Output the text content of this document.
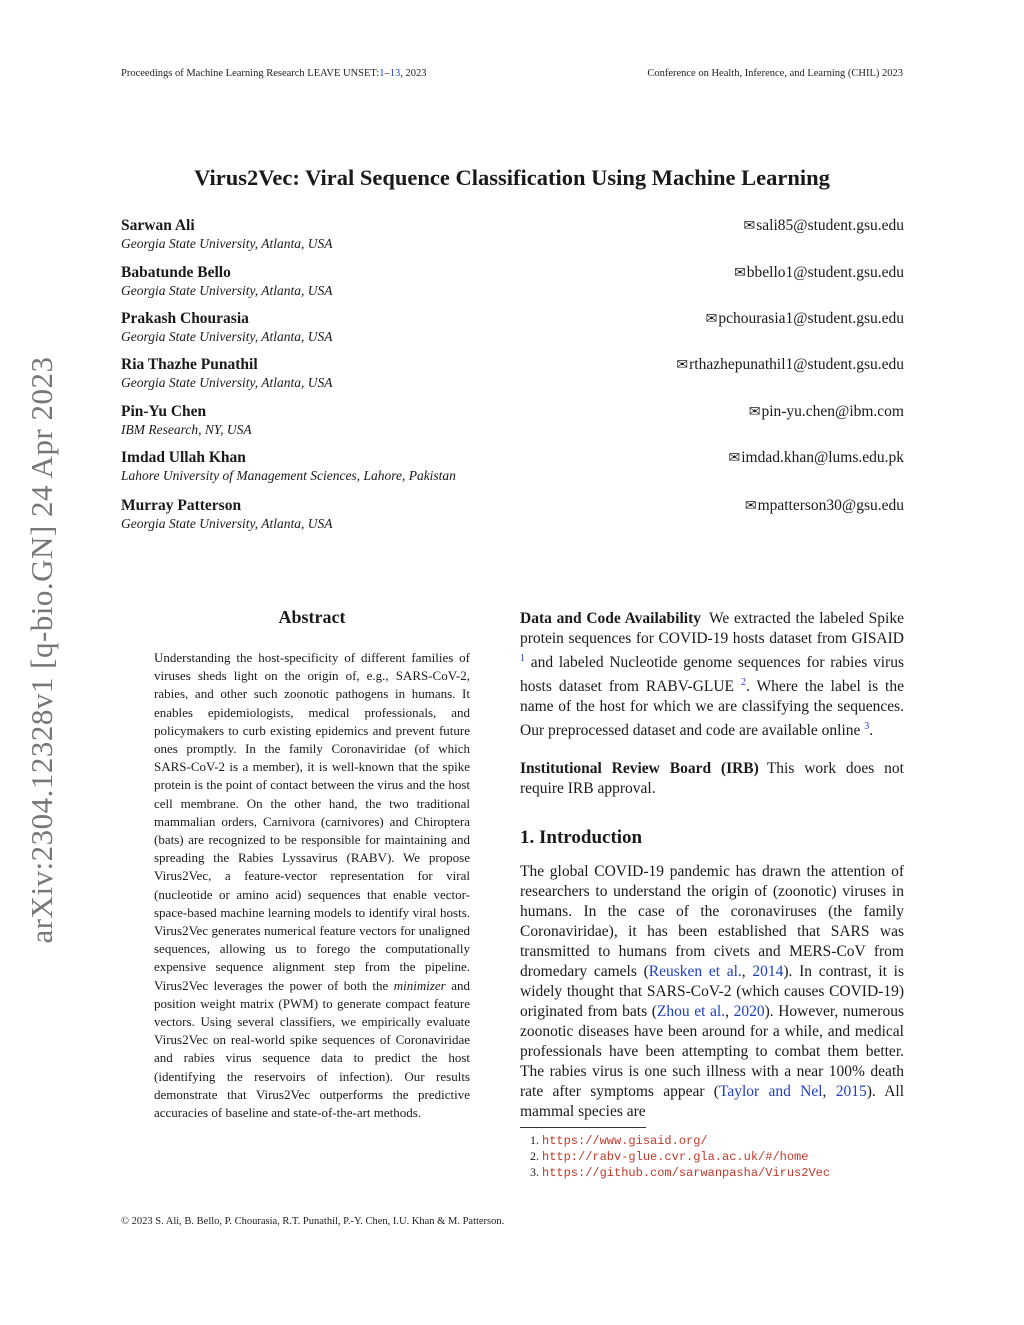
Proceedings of Machine Learning Research LEAVE UNSET:1–13, 2023	Conference on Health, Inference, and Learning (CHIL) 2023
arXiv:2304.12328v1 [q-bio.GN] 24 Apr 2023
Virus2Vec: Viral Sequence Classification Using Machine Learning
Sarwan Ali
Georgia State University, Atlanta, USA
✉sali85@student.gsu.edu
Babatunde Bello
Georgia State University, Atlanta, USA
✉bbello1@student.gsu.edu
Prakash Chourasia
Georgia State University, Atlanta, USA
✉pchourasia1@student.gsu.edu
Ria Thazhe Punathil
Georgia State University, Atlanta, USA
✉rthazhepunathil1@student.gsu.edu
Pin-Yu Chen
IBM Research, NY, USA
✉pin-yu.chen@ibm.com
Imdad Ullah Khan
Lahore University of Management Sciences, Lahore, Pakistan
✉imdad.khan@lums.edu.pk
Murray Patterson
Georgia State University, Atlanta, USA
✉mpatterson30@gsu.edu
Abstract
Understanding the host-specificity of different families of viruses sheds light on the origin of, e.g., SARS-CoV-2, rabies, and other such zoonotic pathogens in humans. It enables epidemiologists, medical professionals, and policymakers to curb existing epidemics and prevent future ones promptly. In the family Coronaviridae (of which SARS-CoV-2 is a member), it is well-known that the spike protein is the point of contact between the virus and the host cell membrane. On the other hand, the two traditional mammalian orders, Carnivora (carnivores) and Chiroptera (bats) are recognized to be responsible for maintaining and spreading the Rabies Lyssavirus (RABV). We propose Virus2Vec, a feature-vector representation for viral (nucleotide or amino acid) sequences that enable vector-space-based machine learning models to identify viral hosts. Virus2Vec generates numerical feature vectors for unaligned sequences, allowing us to forego the computationally expensive sequence alignment step from the pipeline. Virus2Vec leverages the power of both the minimizer and position weight matrix (PWM) to generate compact feature vectors. Using several classifiers, we empirically evaluate Virus2Vec on real-world spike sequences of Coronaviridae and rabies virus sequence data to predict the host (identifying the reservoirs of infection). Our results demonstrate that Virus2Vec outperforms the predictive accuracies of baseline and state-of-the-art methods.

Data and Code Availability We extracted the labeled Spike protein sequences for COVID-19 hosts dataset from GISAID $^1$ and labeled Nucleotide genome sequences for rabies virus hosts dataset from RABV-GLUE $^2$. Where the label is the name of the host for which we are classifying the sequences. Our preprocessed dataset and code are available online $^3$.

Institutional Review Board (IRB) This work does not require IRB approval.

1. Introduction

The global COVID-19 pandemic has drawn the attention of researchers to understand the origin of (zoonotic) viruses in humans. In the case of the coronaviruses (the family Coronaviridae), it has been established that SARS was transmitted to humans from civets and MERS-CoV from dromedary camels (Reusken et al., 2014). In contrast, it is widely thought that SARS-CoV-2 (which causes COVID-19) originated from bats (Zhou et al., 2020). However, numerous zoonotic diseases have been around for a while, and medical professionals have been attempting to combat them better. The rabies virus is one such illness with a near 100% death rate after symptoms appear (Taylor and Nel, 2015). All mammal species are

1. https://www.gisaid.org/
2. http://rabv-glue.cvr.gla.ac.uk/#/home
3. https://github.com/sarwanpasha/Virus2Vec
© 2023 S. Ali, B. Bello, P. Chourasia, R.T. Punathil, P.-Y. Chen, I.U. Khan & M. Patterson.
